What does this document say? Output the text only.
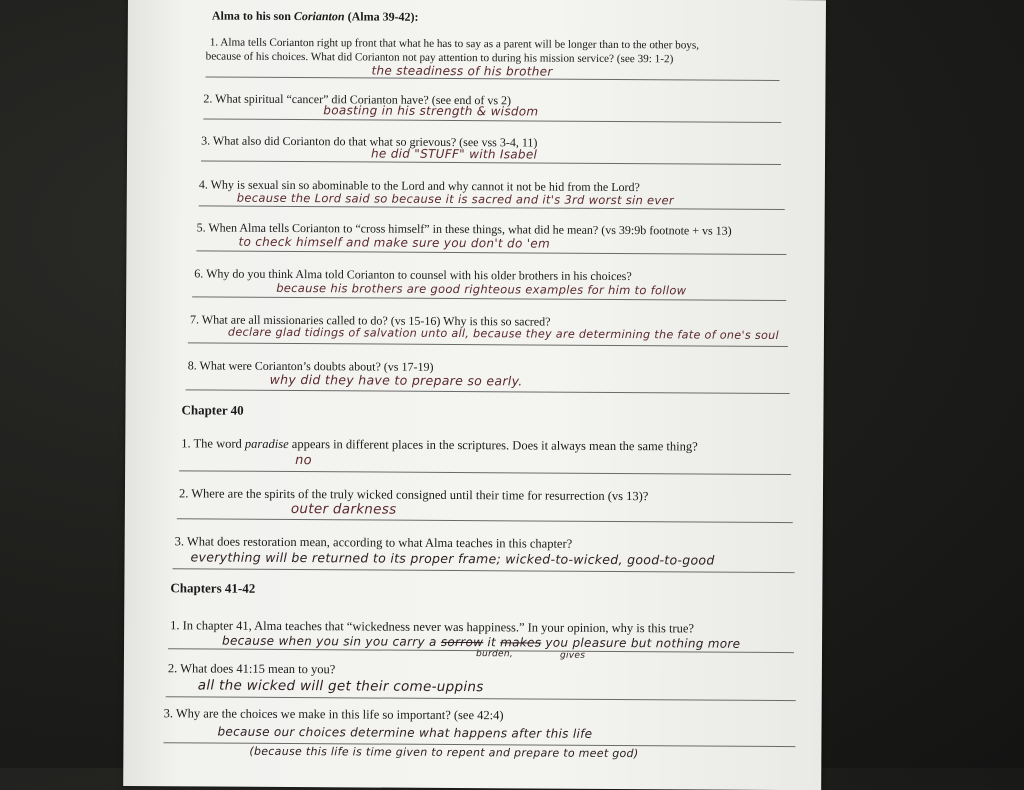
Alma to his son Corianton (Alma 39-42):
1. Alma tells Corianton right up front that what he has to say as a parent will be longer than to the other boys,
because of his choices. What did Corianton not pay attention to during his mission service? (see 39: 1-2)
the steadiness of his brother
2. What spiritual “cancer” did Corianton have? (see end of vs 2)
boasting in his strength & wisdom
3. What also did Corianton do that what so grievous? (see vss 3-4, 11)
he did "STUFF" with Isabel
4. Why is sexual sin so abominable to the Lord and why cannot it not be hid from the Lord?
because the Lord said so because it is sacred and it's 3rd worst sin ever
5. When Alma tells Corianton to “cross himself” in these things, what did he mean? (vs 39:9b footnote + vs 13)
to check himself and make sure you don't do 'em
6. Why do you think Alma told Corianton to counsel with his older brothers in his choices?
because his brothers are good righteous examples for him to follow
7. What are all missionaries called to do? (vs 15-16) Why is this so sacred?
declare glad tidings of salvation unto all, because they are determining the fate of one's soul
8. What were Corianton’s doubts about? (vs 17-19)
why did they have to prepare so early.
Chapter 40
1. The word paradise appears in different places in the scriptures. Does it always mean the same thing?
no
2. Where are the spirits of the truly wicked consigned until their time for resurrection (vs 13)?
outer darkness
3. What does restoration mean, according to what Alma teaches in this chapter?
everything will be returned to its proper frame; wicked-to-wicked, good-to-good
Chapters 41-42
1. In chapter 41, Alma teaches that “wickedness never was happiness.” In your opinion, why is this true?
because when you sin you carry a sorrow it makes you pleasure but nothing more
burden,	gives
2. What does 41:15 mean to you?
all the wicked will get their come-uppins
3. Why are the choices we make in this life so important? (see 42:4)
because our choices determine what happens after this life
(because this life is time given to repent and prepare to meet god)
